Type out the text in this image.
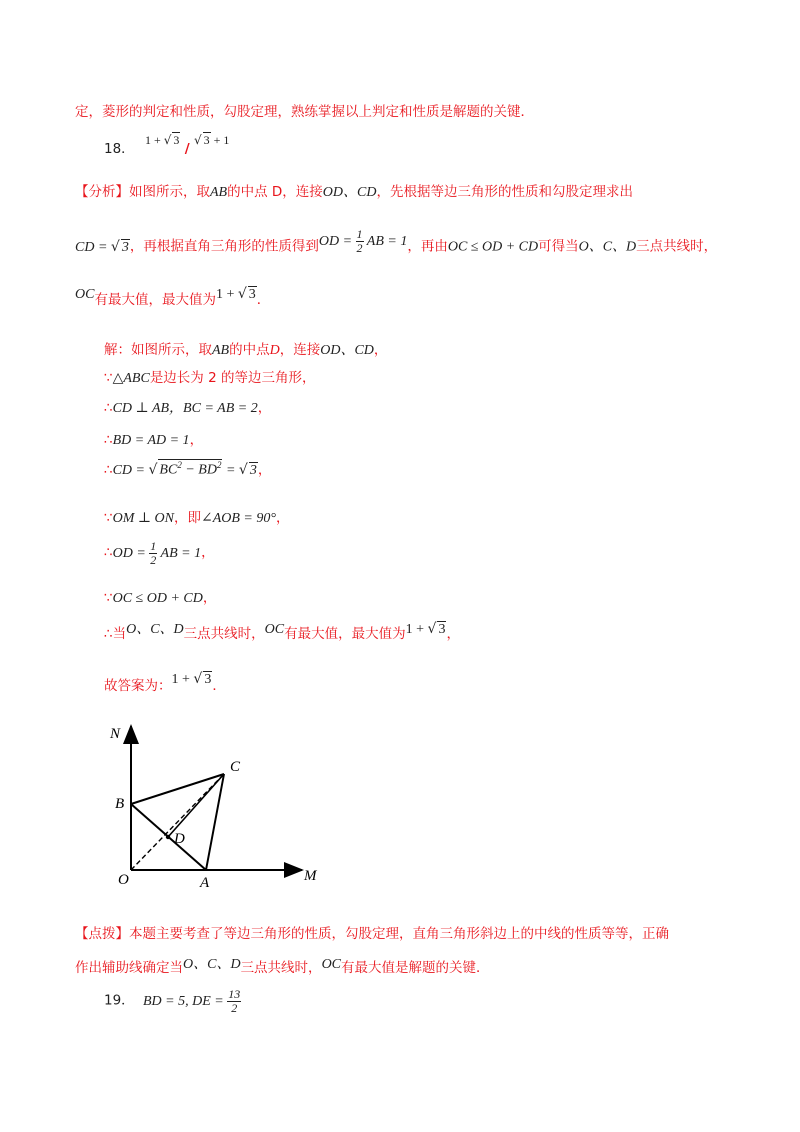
定，菱形的判定和性质，勾股定理，熟练掌握以上判定和性质是解题的关键．
18． 1 + √ 3 / √ 3 + 1
【分析】如图所示，取AB的中点 D，连接OD、CD，先根据等边三角形的性质和勾股定理求出
CD = √ 3，再根据直角三角形的性质得到OD = $\frac{1}{2}$ AB = 1，再由OC ≤ OD + CD可得当O、C、D三点共线时，
OC有最大值，最大值为1 + √ 3．
解：如图所示，取AB的中点D，连接OD、CD，
∵△ABC是边长为 2 的等边三角形，
∴CD ⊥ AB，BC = AB = 2，
∴BD = AD = 1，
∴CD = √ $BC^2 - BD^2$ = √ 3，
∵OM ⊥ ON，即∠AOB = 90°，
∴OD = $\frac{1}{2}$ AB = 1，
∵OC ≤ OD + CD，
∴当O、C、D三点共线时，OC有最大值，最大值为1 + √ 3，
故答案为：1 + √ 3．
N
C
B
D
O	A	M
【点拨】本题主要考查了等边三角形的性质，勾股定理，直角三角形斜边上的中线的性质等等，正确
作出辅助线确定当O、C、D三点共线时，OC有最大值是解题的关键．
19． BD = 5, DE = $\frac{13}{2}$
